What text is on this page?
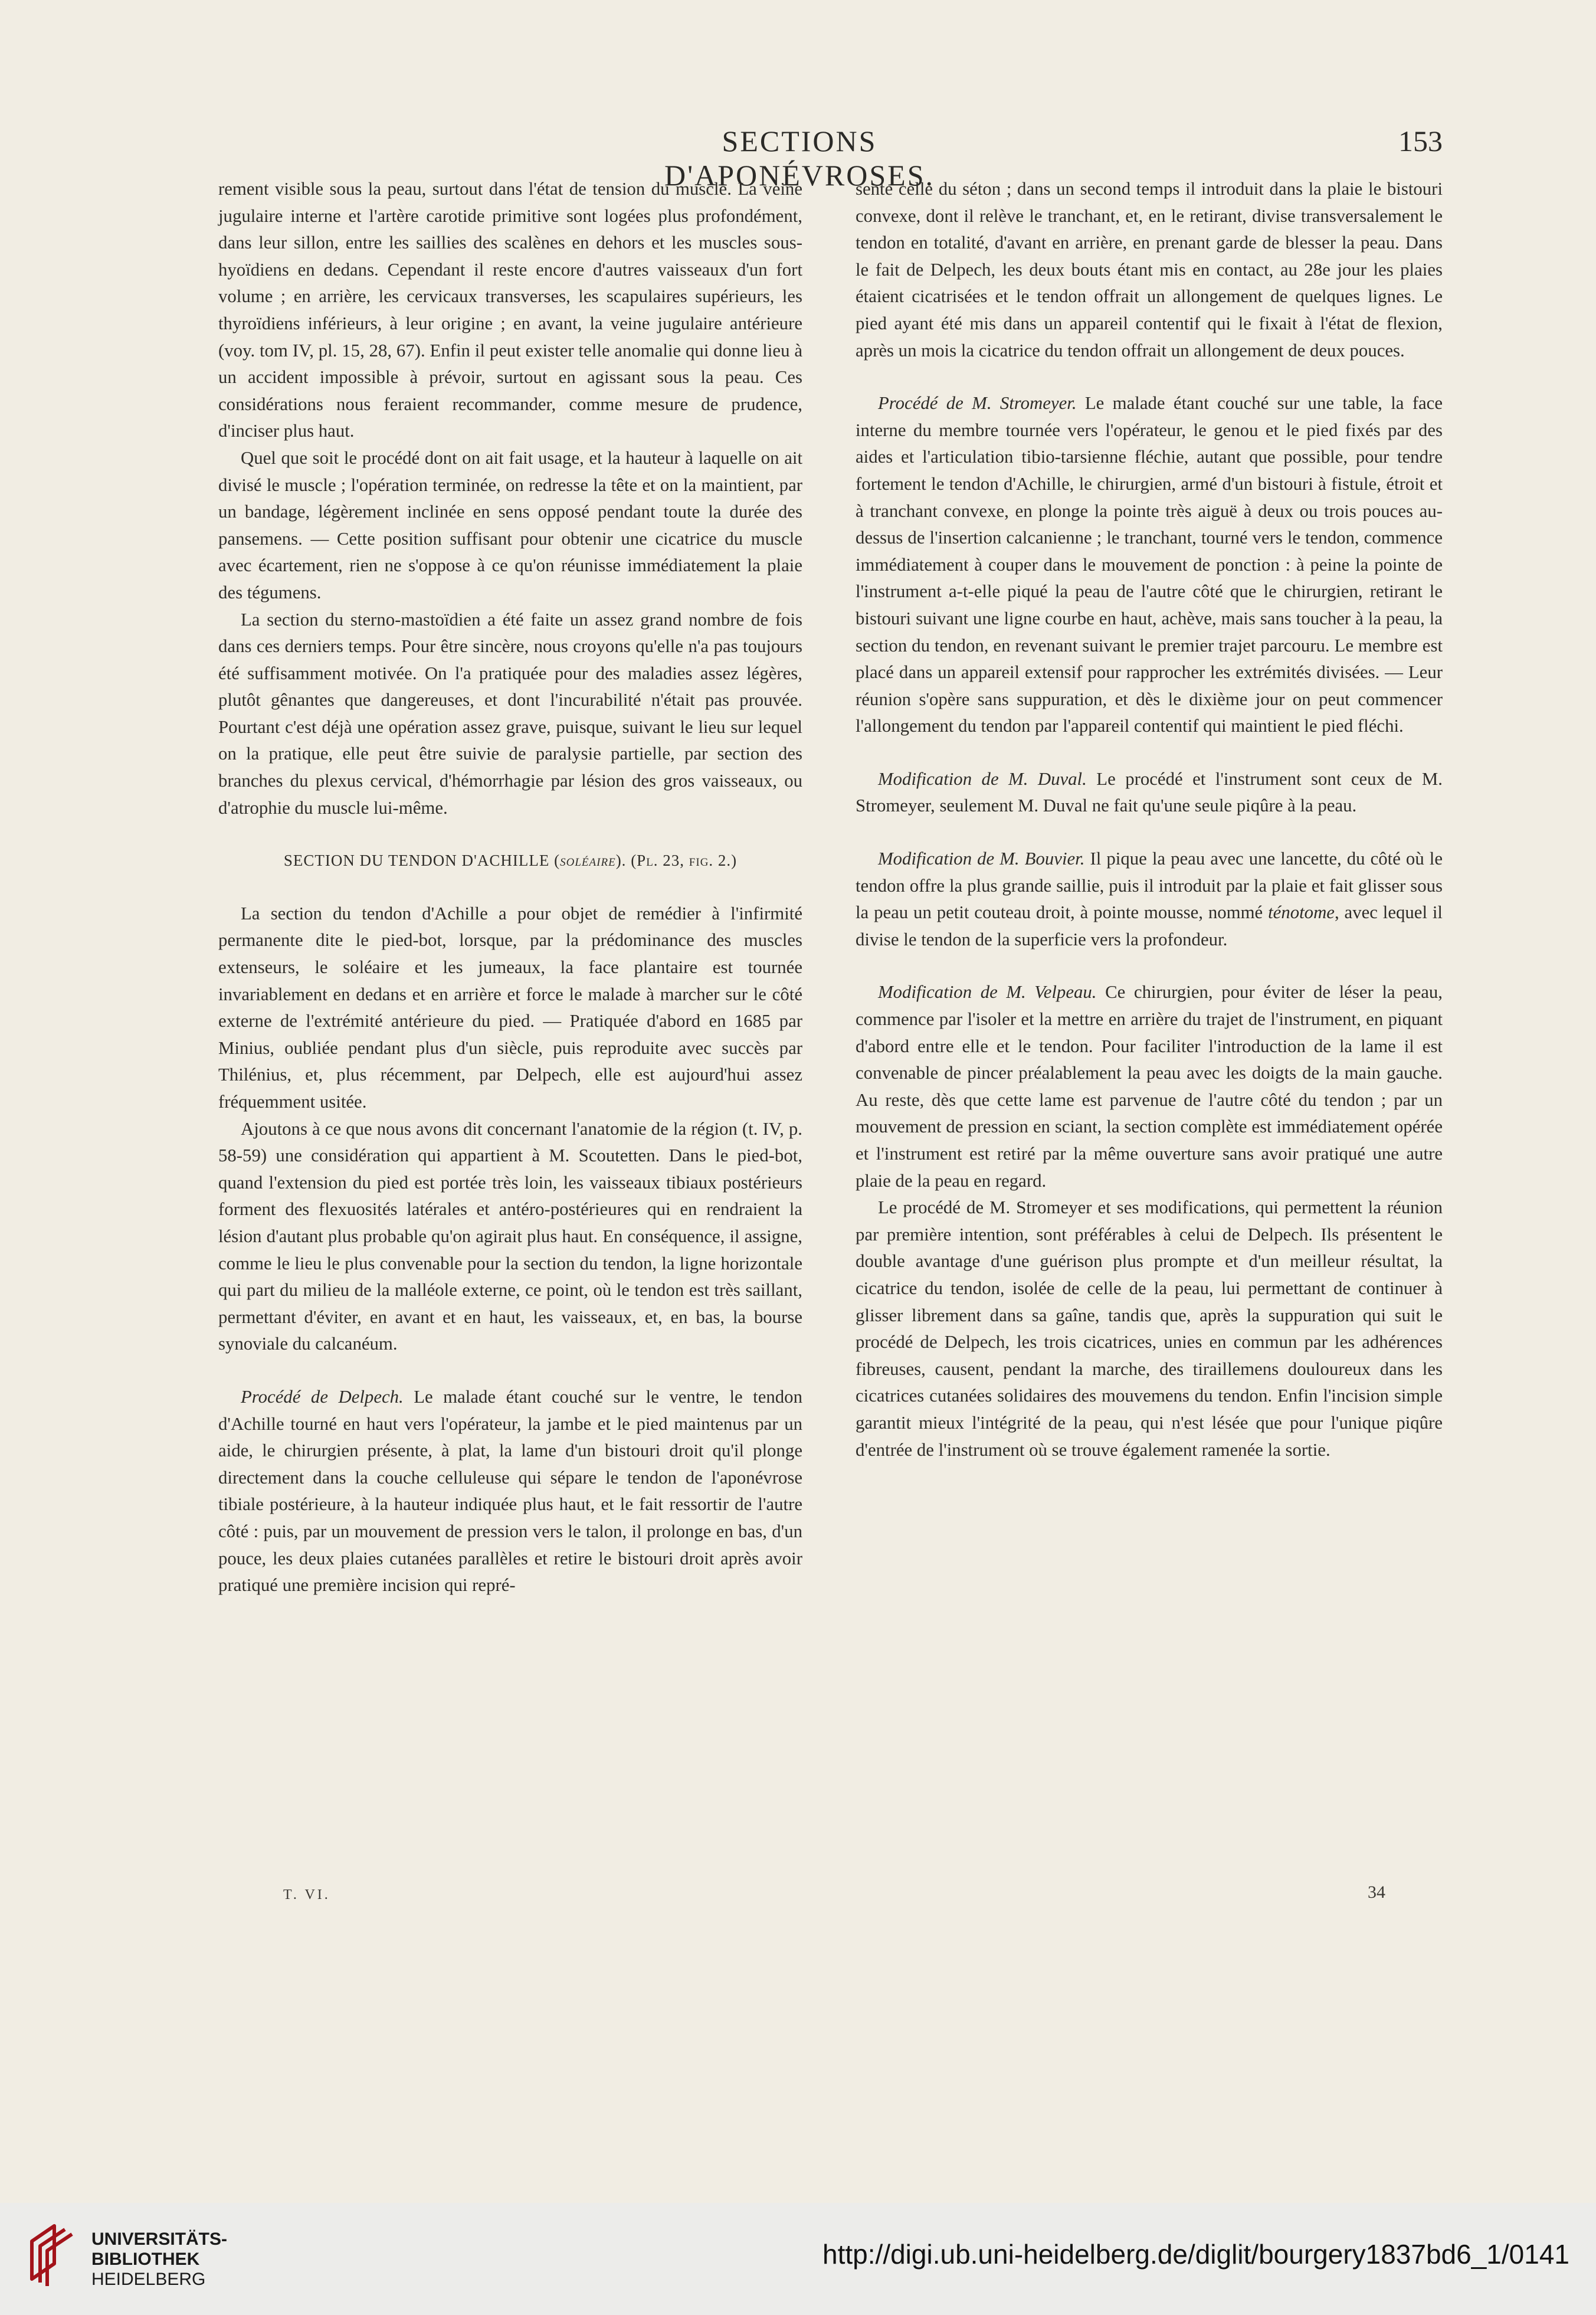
SECTIONS D'APONÉVROSES.
153

rement visible sous la peau, surtout dans l'état de tension du muscle. La veine jugulaire interne et l'artère carotide primitive sont logées plus profondément, dans leur sillon, entre les saillies des scalènes en dehors et les muscles sous-hyoïdiens en dedans. Cependant il reste encore d'autres vaisseaux d'un fort volume ; en arrière, les cervicaux transverses, les scapulaires supérieurs, les thyroïdiens inférieurs, à leur origine ; en avant, la veine jugulaire antérieure (voy. tom IV, pl. 15, 28, 67). Enfin il peut exister telle anomalie qui donne lieu à un accident impossible à prévoir, surtout en agissant sous la peau. Ces considérations nous feraient recommander, comme mesure de prudence, d'inciser plus haut.

Quel que soit le procédé dont on ait fait usage, et la hauteur à laquelle on ait divisé le muscle ; l'opération terminée, on redresse la tête et on la maintient, par un bandage, légèrement inclinée en sens opposé pendant toute la durée des pansemens. — Cette position suffisant pour obtenir une cicatrice du muscle avec écartement, rien ne s'oppose à ce qu'on réunisse immédiatement la plaie des tégumens.

La section du sterno-mastoïdien a été faite un assez grand nombre de fois dans ces derniers temps. Pour être sincère, nous croyons qu'elle n'a pas toujours été suffisamment motivée. On l'a pratiquée pour des maladies assez légères, plutôt gênantes que dangereuses, et dont l'incurabilité n'était pas prouvée. Pourtant c'est déjà une opération assez grave, puisque, suivant le lieu sur lequel on la pratique, elle peut être suivie de paralysie partielle, par section des branches du plexus cervical, d'hémorrhagie par lésion des gros vaisseaux, ou d'atrophie du muscle lui-même.

SECTION DU TENDON D'ACHILLE (soléaire). (Pl. 23, fig. 2.)

La section du tendon d'Achille a pour objet de remédier à l'infirmité permanente dite le pied-bot, lorsque, par la prédominance des muscles extenseurs, le soléaire et les jumeaux, la face plantaire est tournée invariablement en dedans et en arrière et force le malade à marcher sur le côté externe de l'extrémité antérieure du pied. — Pratiquée d'abord en 1685 par Minius, oubliée pendant plus d'un siècle, puis reproduite avec succès par Thilénius, et, plus récemment, par Delpech, elle est aujourd'hui assez fréquemment usitée.

Ajoutons à ce que nous avons dit concernant l'anatomie de la région (t. IV, p. 58-59) une considération qui appartient à M. Scoutetten. Dans le pied-bot, quand l'extension du pied est portée très loin, les vaisseaux tibiaux postérieurs forment des flexuosités latérales et antéro-postérieures qui en rendraient la lésion d'autant plus probable qu'on agirait plus haut. En conséquence, il assigne, comme le lieu le plus convenable pour la section du tendon, la ligne horizontale qui part du milieu de la malléole externe, ce point, où le tendon est très saillant, permettant d'éviter, en avant et en haut, les vaisseaux, et, en bas, la bourse synoviale du calcanéum.

Procédé de Delpech. Le malade étant couché sur le ventre, le tendon d'Achille tourné en haut vers l'opérateur, la jambe et le pied maintenus par un aide, le chirurgien présente, à plat, la lame d'un bistouri droit qu'il plonge directement dans la couche celluleuse qui sépare le tendon de l'aponévrose tibiale postérieure, à la hauteur indiquée plus haut, et le fait ressortir de l'autre côté : puis, par un mouvement de pression vers le talon, il prolonge en bas, d'un pouce, les deux plaies cutanées parallèles et retire le bistouri droit après avoir pratiqué une première incision qui repré-

sente celle du séton ; dans un second temps il introduit dans la plaie le bistouri convexe, dont il relève le tranchant, et, en le retirant, divise transversalement le tendon en totalité, d'avant en arrière, en prenant garde de blesser la peau. Dans le fait de Delpech, les deux bouts étant mis en contact, au 28e jour les plaies étaient cicatrisées et le tendon offrait un allongement de quelques lignes. Le pied ayant été mis dans un appareil contentif qui le fixait à l'état de flexion, après un mois la cicatrice du tendon offrait un allongement de deux pouces.

Procédé de M. Stromeyer. Le malade étant couché sur une table, la face interne du membre tournée vers l'opérateur, le genou et le pied fixés par des aides et l'articulation tibio-tarsienne fléchie, autant que possible, pour tendre fortement le tendon d'Achille, le chirurgien, armé d'un bistouri à fistule, étroit et à tranchant convexe, en plonge la pointe très aiguë à deux ou trois pouces au-dessus de l'insertion calcanienne ; le tranchant, tourné vers le tendon, commence immédiatement à couper dans le mouvement de ponction : à peine la pointe de l'instrument a-t-elle piqué la peau de l'autre côté que le chirurgien, retirant le bistouri suivant une ligne courbe en haut, achève, mais sans toucher à la peau, la section du tendon, en revenant suivant le premier trajet parcouru. Le membre est placé dans un appareil extensif pour rapprocher les extrémités divisées. — Leur réunion s'opère sans suppuration, et dès le dixième jour on peut commencer l'allongement du tendon par l'appareil contentif qui maintient le pied fléchi.

Modification de M. Duval. Le procédé et l'instrument sont ceux de M. Stromeyer, seulement M. Duval ne fait qu'une seule piqûre à la peau.

Modification de M. Bouvier. Il pique la peau avec une lancette, du côté où le tendon offre la plus grande saillie, puis il introduit par la plaie et fait glisser sous la peau un petit couteau droit, à pointe mousse, nommé ténotome, avec lequel il divise le tendon de la superficie vers la profondeur.

Modification de M. Velpeau. Ce chirurgien, pour éviter de léser la peau, commence par l'isoler et la mettre en arrière du trajet de l'instrument, en piquant d'abord entre elle et le tendon. Pour faciliter l'introduction de la lame il est convenable de pincer préalablement la peau avec les doigts de la main gauche. Au reste, dès que cette lame est parvenue de l'autre côté du tendon ; par un mouvement de pression en sciant, la section complète est immédiatement opérée et l'instrument est retiré par la même ouverture sans avoir pratiqué une autre plaie de la peau en regard.

Le procédé de M. Stromeyer et ses modifications, qui permettent la réunion par première intention, sont préférables à celui de Delpech. Ils présentent le double avantage d'une guérison plus prompte et d'un meilleur résultat, la cicatrice du tendon, isolée de celle de la peau, lui permettant de continuer à glisser librement dans sa gaîne, tandis que, après la suppuration qui suit le procédé de Delpech, les trois cicatrices, unies en commun par les adhérences fibreuses, causent, pendant la marche, des tiraillemens douloureux dans les cicatrices cutanées solidaires des mouvemens du tendon. Enfin l'incision simple garantit mieux l'intégrité de la peau, qui n'est lésée que pour l'unique piqûre d'entrée de l'instrument où se trouve également ramenée la sortie.

T. VI.	34
UNIVERSITÄTS-
BIBLIOTHEK
HEIDELBERG
http://digi.ub.uni-heidelberg.de/diglit/bourgery1837bd6_1/0141
